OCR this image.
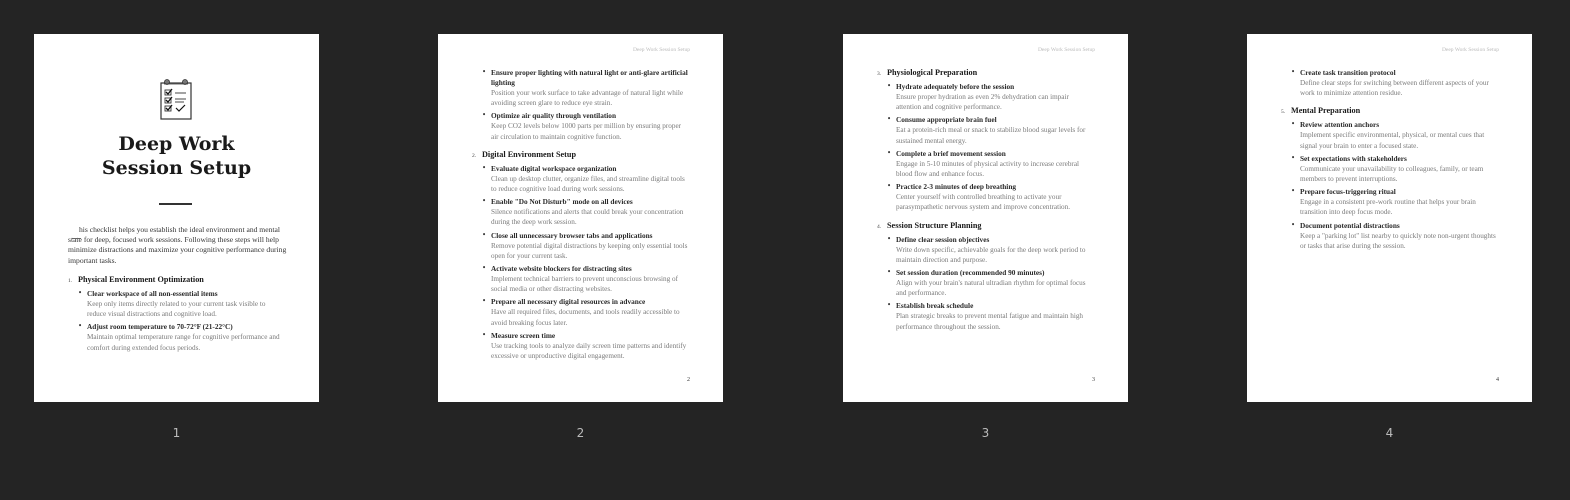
Deep Work
Session Setup
his checklist helps you establish the ideal environment and mental state for deep, focused work sessions. Following these steps will help minimize distractions and maximize your cognitive performance during important tasks.
1. Physical Environment Optimization
• Clear workspace of all non-essential items
Keep only items directly related to your current task visible to reduce visual distractions and cognitive load.
• Adjust room temperature to 70-72°F (21-22°C)
Maintain optimal temperature range for cognitive performance and comfort during extended focus periods.
1
Deep Work Session Setup
• Ensure proper lighting with natural light or anti-glare artificial lighting
Position your work surface to take advantage of natural light while avoiding screen glare to reduce eye strain.
• Optimize air quality through ventilation
Keep CO2 levels below 1000 parts per million by ensuring proper air circulation to maintain cognitive function.
2. Digital Environment Setup
• Evaluate digital workspace organization
Clean up desktop clutter, organize files, and streamline digital tools to reduce cognitive load during work sessions.
• Enable "Do Not Disturb" mode on all devices
Silence notifications and alerts that could break your concentration during the deep work session.
• Close all unnecessary browser tabs and applications
Remove potential digital distractions by keeping only essential tools open for your current task.
• Activate website blockers for distracting sites
Implement technical barriers to prevent unconscious browsing of social media or other distracting websites.
• Prepare all necessary digital resources in advance
Have all required files, documents, and tools readily accessible to avoid breaking focus later.
• Measure screen time
Use tracking tools to analyze daily screen time patterns and identify excessive or unproductive digital engagement.
2
2
Deep Work Session Setup
3. Physiological Preparation
• Hydrate adequately before the session
Ensure proper hydration as even 2% dehydration can impair attention and cognitive performance.
• Consume appropriate brain fuel
Eat a protein-rich meal or snack to stabilize blood sugar levels for sustained mental energy.
• Complete a brief movement session
Engage in 5-10 minutes of physical activity to increase cerebral blood flow and enhance focus.
• Practice 2-3 minutes of deep breathing
Center yourself with controlled breathing to activate your parasympathetic nervous system and improve concentration.
4. Session Structure Planning
• Define clear session objectives
Write down specific, achievable goals for the deep work period to maintain direction and purpose.
• Set session duration (recommended 90 minutes)
Align with your brain's natural ultradian rhythm for optimal focus and performance.
• Establish break schedule
Plan strategic breaks to prevent mental fatigue and maintain high performance throughout the session.
3
3
Deep Work Session Setup
• Create task transition protocol
Define clear steps for switching between different aspects of your work to minimize attention residue.
5. Mental Preparation
• Review attention anchors
Implement specific environmental, physical, or mental cues that signal your brain to enter a focused state.
• Set expectations with stakeholders
Communicate your unavailability to colleagues, family, or team members to prevent interruptions.
• Prepare focus-triggering ritual
Engage in a consistent pre-work routine that helps your brain transition into deep focus mode.
• Document potential distractions
Keep a "parking lot" list nearby to quickly note non-urgent thoughts or tasks that arise during the session.
4
4
